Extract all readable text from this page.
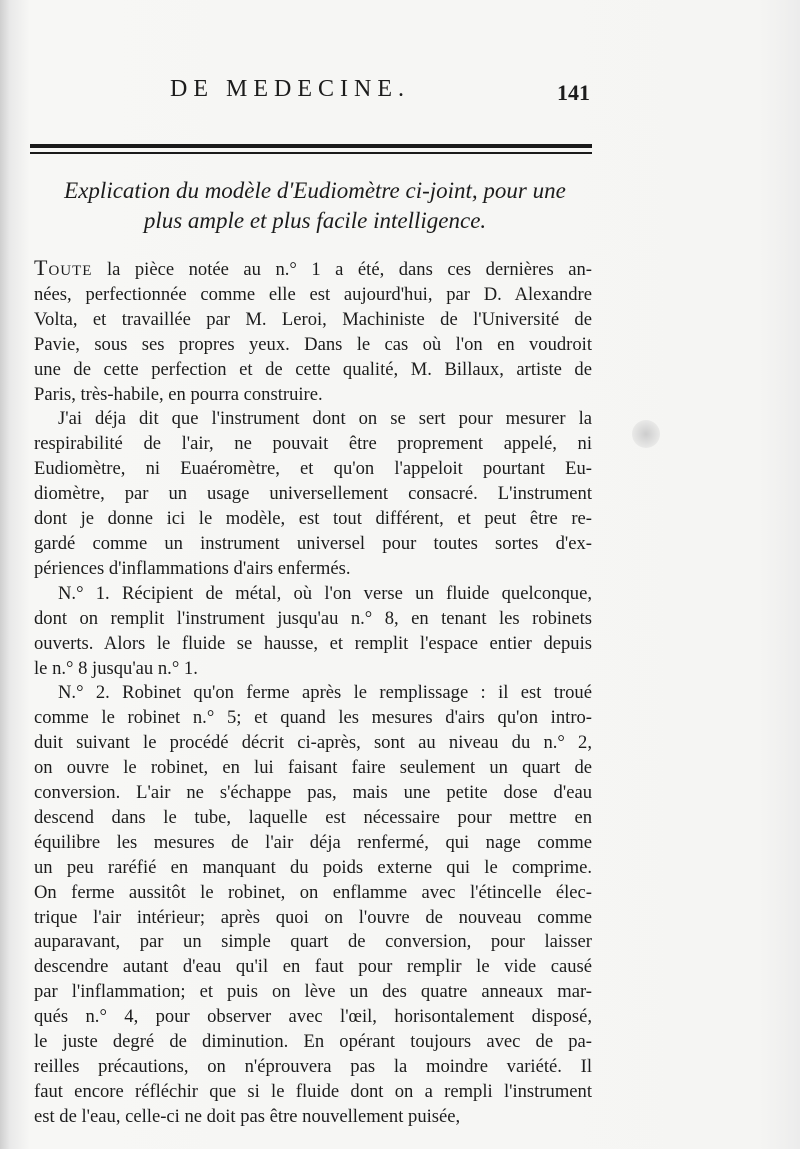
DE MEDECINE.	141
Explication du modèle d'Eudiomètre ci-joint, pour une
plus ample et plus facile intelligence.

Toute la pièce notée au n.° 1 a été, dans ces dernières an-

nées, perfectionnée comme elle est aujourd'hui, par D. Alexandre

Volta, et travaillée par M. Leroi, Machiniste de l'Université de

Pavie, sous ses propres yeux. Dans le cas où l'on en voudroit

une de cette perfection et de cette qualité, M. Billaux, artiste de

Paris, très-habile, en pourra construire.

J'ai déja dit que l'instrument dont on se sert pour mesurer la

respirabilité de l'air, ne pouvait être proprement appelé, ni

Eudiomètre, ni Euaéromètre, et qu'on l'appeloit pourtant Eu-

diomètre, par un usage universellement consacré. L'instrument

dont je donne ici le modèle, est tout différent, et peut être re-

gardé comme un instrument universel pour toutes sortes d'ex-

périences d'inflammations d'airs enfermés.

N.° 1. Récipient de métal, où l'on verse un fluide quelconque,

dont on remplit l'instrument jusqu'au n.° 8, en tenant les robinets

ouverts. Alors le fluide se hausse, et remplit l'espace entier depuis

le n.° 8 jusqu'au n.° 1.

N.° 2. Robinet qu'on ferme après le remplissage : il est troué

comme le robinet n.° 5; et quand les mesures d'airs qu'on intro-

duit suivant le procédé décrit ci-après, sont au niveau du n.° 2,

on ouvre le robinet, en lui faisant faire seulement un quart de

conversion. L'air ne s'échappe pas, mais une petite dose d'eau

descend dans le tube, laquelle est nécessaire pour mettre en

équilibre les mesures de l'air déja renfermé, qui nage comme

un peu raréfié en manquant du poids externe qui le comprime.

On ferme aussitôt le robinet, on enflamme avec l'étincelle élec-

trique l'air intérieur; après quoi on l'ouvre de nouveau comme

auparavant, par un simple quart de conversion, pour laisser

descendre autant d'eau qu'il en faut pour remplir le vide causé

par l'inflammation; et puis on lève un des quatre anneaux mar-

qués n.° 4, pour observer avec l'œil, horisontalement disposé,

le juste degré de diminution. En opérant toujours avec de pa-

reilles précautions, on n'éprouvera pas la moindre variété. Il

faut encore réfléchir que si le fluide dont on a rempli l'instrument

est de l'eau, celle-ci ne doit pas être nouvellement puisée,
